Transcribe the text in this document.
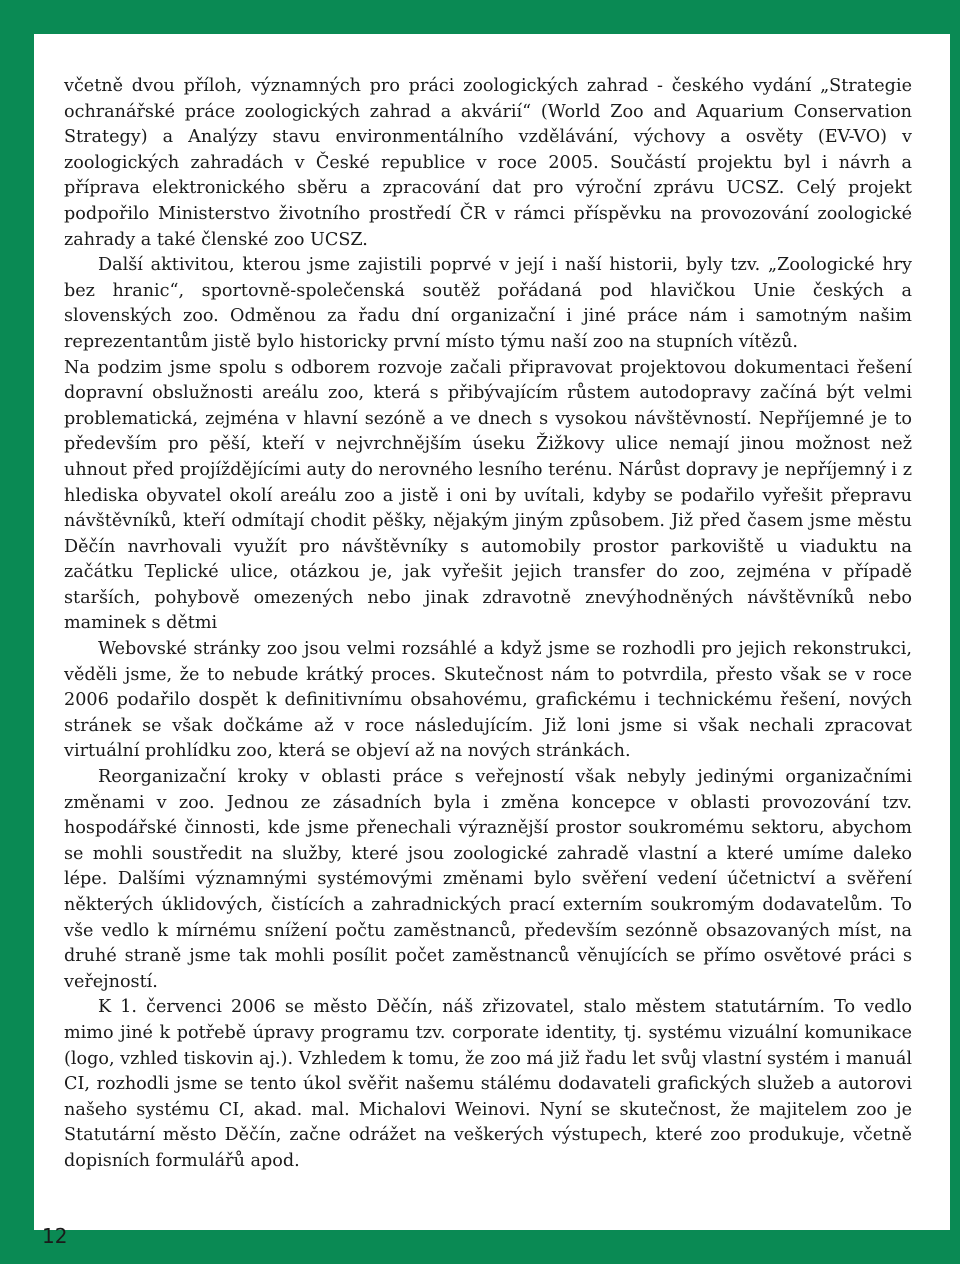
včetně dvou příloh, významných pro práci zoologických zahrad - českého vydání „Strategie ochranářské práce zoologických zahrad a akvárií“ (World Zoo and Aquarium Conservation Strategy) a Analýzy stavu environmentálního vzdělávání, výchovy a osvěty (EV-VO) v zoologických zahradách v České republice v roce 2005. Součástí projektu byl i návrh a příprava elektronického sběru a zpracování dat pro výroční zprávu UCSZ. Celý projekt podpořilo Ministerstvo životního prostředí ČR v rámci příspěvku na provozování zoologické zahrady a také členské zoo UCSZ.

Další aktivitou, kterou jsme zajistili poprvé v její i naší historii, byly tzv. „Zoologické hry bez hranic“, sportovně-společenská soutěž pořádaná pod hlavičkou Unie českých a slovenských zoo. Odměnou za řadu dní organizační i jiné práce nám i samotným našim reprezentantům jistě bylo historicky první místo týmu naší zoo na stupních vítězů.

Na podzim jsme spolu s odborem rozvoje začali připravovat projektovou dokumentaci řešení dopravní obslužnosti areálu zoo, která s přibývajícím růstem autodopravy začíná být velmi problematická, zejména v hlavní sezóně a ve dnech s vysokou návštěvností. Nepříjemné je to především pro pěší, kteří v nejvrchnějším úseku Žižkovy ulice nemají jinou možnost než uhnout před projíždějícími auty do nerovného lesního terénu. Nárůst dopravy je nepříjemný i z hlediska obyvatel okolí areálu zoo a jistě i oni by uvítali, kdyby se podařilo vyřešit přepravu návštěvníků, kteří odmítají chodit pěšky, nějakým jiným způsobem. Již před časem jsme městu Děčín navrhovali využít pro návštěvníky s automobily prostor parkoviště u viaduktu na začátku Teplické ulice, otázkou je, jak vyřešit jejich transfer do zoo, zejména v případě starších, pohybově omezených nebo jinak zdravotně znevýhodněných návštěvníků nebo maminek s dětmi

Webovské stránky zoo jsou velmi rozsáhlé a když jsme se rozhodli pro jejich rekonstrukci, věděli jsme, že to nebude krátký proces. Skutečnost nám to potvrdila, přesto však se v roce 2006 podařilo dospět k definitivnímu obsahovému, grafickému i technickému řešení, nových stránek se však dočkáme až v roce následujícím. Již loni jsme si však nechali zpracovat virtuální prohlídku zoo, která se objeví až na nových stránkách.

Reorganizační kroky v oblasti práce s veřejností však nebyly jedinými organizačními změnami v zoo. Jednou ze zásadních byla i změna koncepce v oblasti provozování tzv. hospodářské činnosti, kde jsme přenechali výraznější prostor soukromému sektoru, abychom se mohli soustředit na služby, které jsou zoologické zahradě vlastní a které umíme daleko lépe. Dalšími významnými systémovými změnami bylo svěření vedení účetnictví a svěření některých úklidových, čistících a zahradnických prací externím soukromým dodavatelům. To vše vedlo k mírnému snížení počtu zaměstnanců, především sezónně obsazovaných míst, na druhé straně jsme tak mohli posílit počet zaměstnanců věnujících se přímo osvětové práci s veřejností.

K 1. červenci 2006 se město Děčín, náš zřizovatel, stalo městem statutárním. To vedlo mimo jiné k potřebě úpravy programu tzv. corporate identity, tj. systému vizuální komunikace (logo, vzhled tiskovin aj.). Vzhledem k tomu, že zoo má již řadu let svůj vlastní systém i manuál CI, rozhodli jsme se tento úkol svěřit našemu stálému dodavateli grafických služeb a autorovi našeho systému CI, akad. mal. Michalovi Weinovi. Nyní se skutečnost, že majitelem zoo je Statutární město Děčín, začne odrážet na veškerých výstupech, které zoo produkuje, včetně dopisních formulářů apod.

12
